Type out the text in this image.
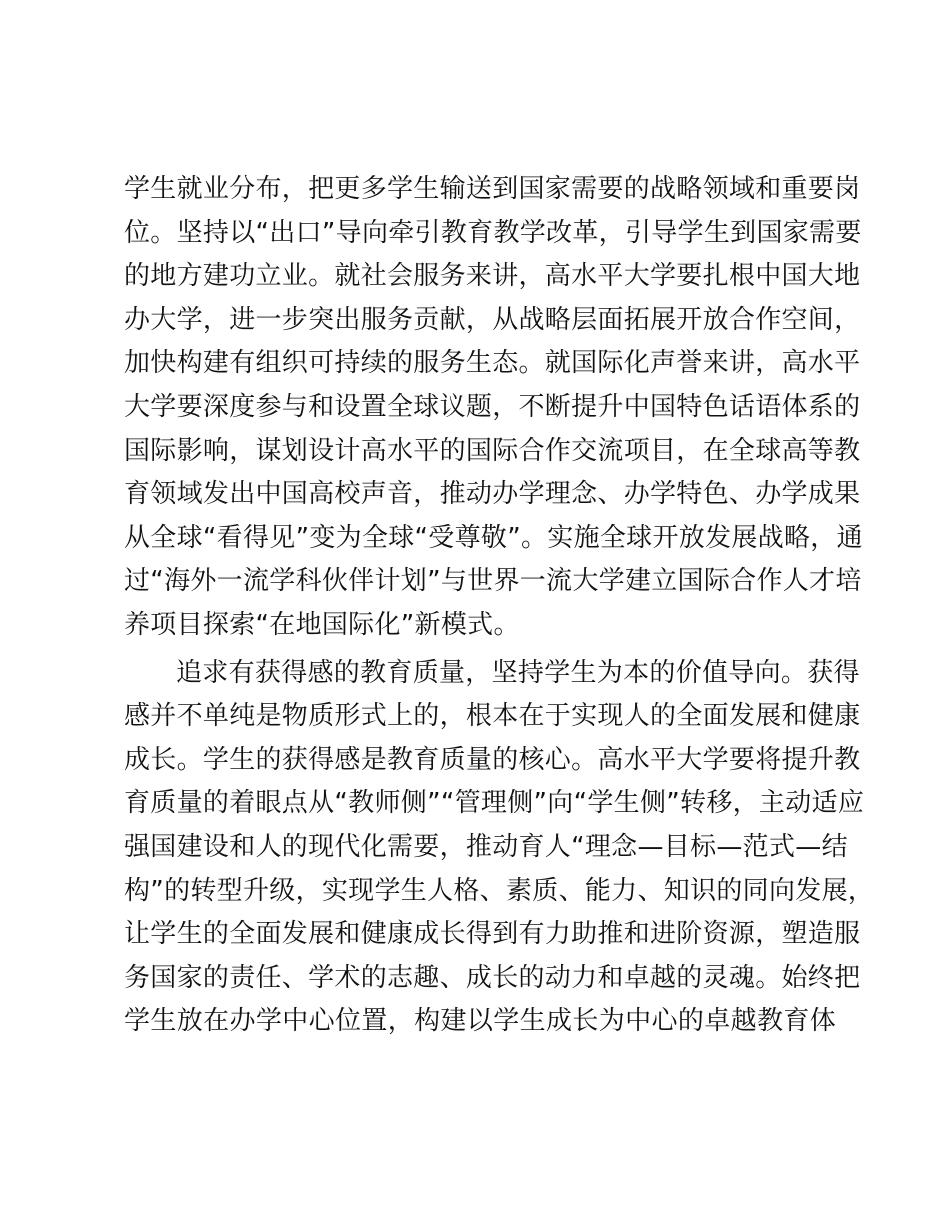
学生就业分布，把更多学生输送到国家需要的战略领域和重要岗
位。坚持以“出口”导向牵引教育教学改革，引导学生到国家需要
的地方建功立业。就社会服务来讲，高水平大学要扎根中国大地
办大学，进一步突出服务贡献，从战略层面拓展开放合作空间，
加快构建有组织可持续的服务生态。就国际化声誉来讲，高水平
大学要深度参与和设置全球议题，不断提升中国特色话语体系的
国际影响，谋划设计高水平的国际合作交流项目，在全球高等教
育领域发出中国高校声音，推动办学理念、办学特色、办学成果
从全球“看得见”变为全球“受尊敬”。实施全球开放发展战略，通
过“海外一流学科伙伴计划”与世界一流大学建立国际合作人才培
养项目探索“在地国际化”新模式。
追求有获得感的教育质量，坚持学生为本的价值导向。获得
感并不单纯是物质形式上的，根本在于实现人的全面发展和健康
成长。学生的获得感是教育质量的核心。高水平大学要将提升教
育质量的着眼点从“教师侧”“管理侧”向“学生侧”转移，主动适应
强国建设和人的现代化需要，推动育人“理念—目标—范式—结
构”的转型升级，实现学生人格、素质、能力、知识的同向发展，
让学生的全面发展和健康成长得到有力助推和进阶资源，塑造服
务国家的责任、学术的志趣、成长的动力和卓越的灵魂。始终把
学生放在办学中心位置，构建以学生成长为中心的卓越教育体
